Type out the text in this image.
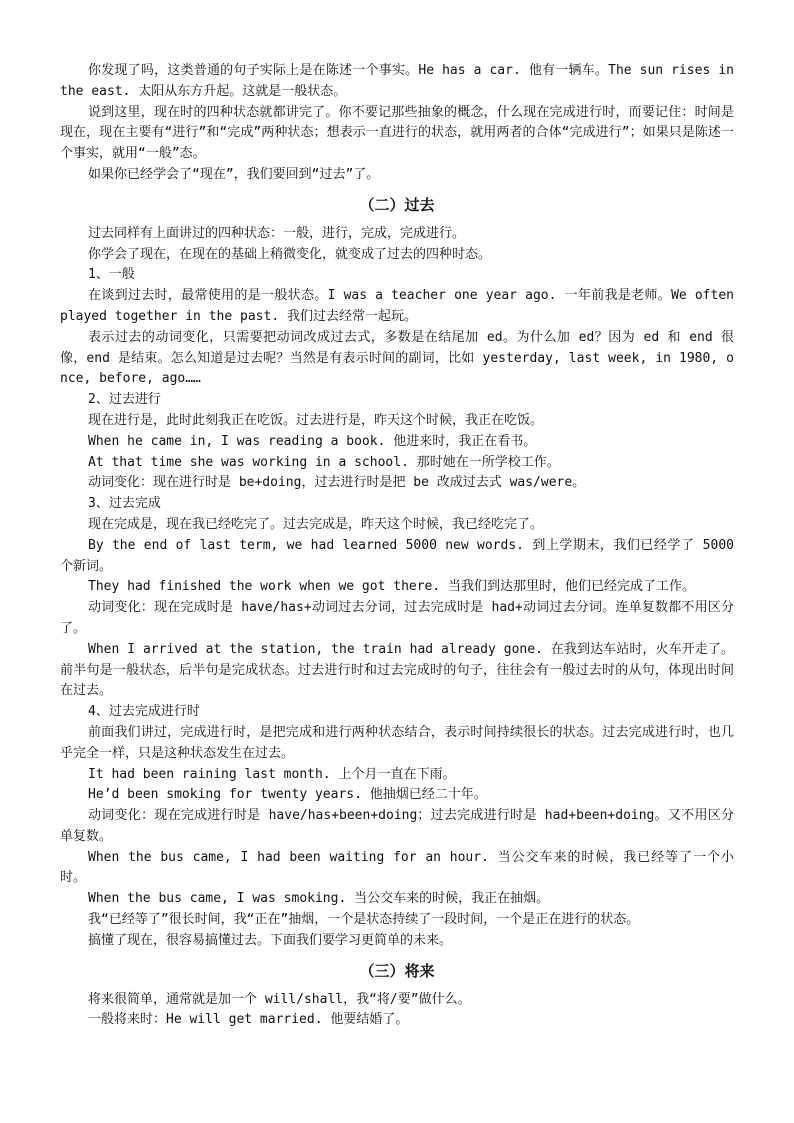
你发现了吗，这类普通的句子实际上是在陈述一个事实。He has a car. 他有一辆车。The sun rises in the east. 太阳从东方升起。这就是一般状态。

说到这里，现在时的四种状态就都讲完了。你不要记那些抽象的概念，什么现在完成进行时，而要记住：时间是现在，现在主要有“进行”和“完成”两种状态；想表示一直进行的状态，就用两者的合体“完成进行”；如果只是陈述一个事实，就用“一般”态。

如果你已经学会了“现在”，我们要回到“过去”了。

（二）过去

过去同样有上面讲过的四种状态：一般，进行，完成，完成进行。

你学会了现在，在现在的基础上稍微变化，就变成了过去的四种时态。

1、一般

在谈到过去时，最常使用的是一般状态。I was a teacher one year ago. 一年前我是老师。We often played together in the past. 我们过去经常一起玩。

表示过去的动词变化，只需要把动词改成过去式，多数是在结尾加 ed。为什么加 ed？因为 ed 和 end 很像，end 是结束。怎么知道是过去呢？当然是有表示时间的副词，比如 yesterday, last week, in 1980, once, before, ago……

2、过去进行

现在进行是，此时此刻我正在吃饭。过去进行是，昨天这个时候，我正在吃饭。

When he came in, I was reading a book. 他进来时，我正在看书。

At that time she was working in a school. 那时她在一所学校工作。

动词变化：现在进行时是 be+doing，过去进行时是把 be 改成过去式 was/were。

3、过去完成

现在完成是，现在我已经吃完了。过去完成是，昨天这个时候，我已经吃完了。

By the end of last term, we had learned 5000 new words. 到上学期末，我们已经学了 5000 个新词。

They had finished the work when we got there. 当我们到达那里时，他们已经完成了工作。

动词变化：现在完成时是 have/has+动词过去分词，过去完成时是 had+动词过去分词。连单复数都不用区分了。

When I arrived at the station, the train had already gone. 在我到达车站时，火车开走了。前半句是一般状态，后半句是完成状态。过去进行时和过去完成时的句子，往往会有一般过去时的从句，体现出时间在过去。

4、过去完成进行时

前面我们讲过，完成进行时，是把完成和进行两种状态结合，表示时间持续很长的状态。过去完成进行时，也几乎完全一样，只是这种状态发生在过去。

It had been raining last month. 上个月一直在下雨。

He’d been smoking for twenty years. 他抽烟已经二十年。

动词变化：现在完成进行时是 have/has+been+doing；过去完成进行时是 had+been+doing。又不用区分单复数。

When the bus came, I had been waiting for an hour. 当公交车来的时候，我已经等了一个小时。

When the bus came, I was smoking. 当公交车来的时候，我正在抽烟。

我“已经等了”很长时间，我“正在”抽烟，一个是状态持续了一段时间，一个是正在进行的状态。

搞懂了现在，很容易搞懂过去。下面我们要学习更简单的未来。

（三）将来

将来很简单，通常就是加一个 will/shall，我“将/要”做什么。

一般将来时：He will get married. 他要结婚了。
